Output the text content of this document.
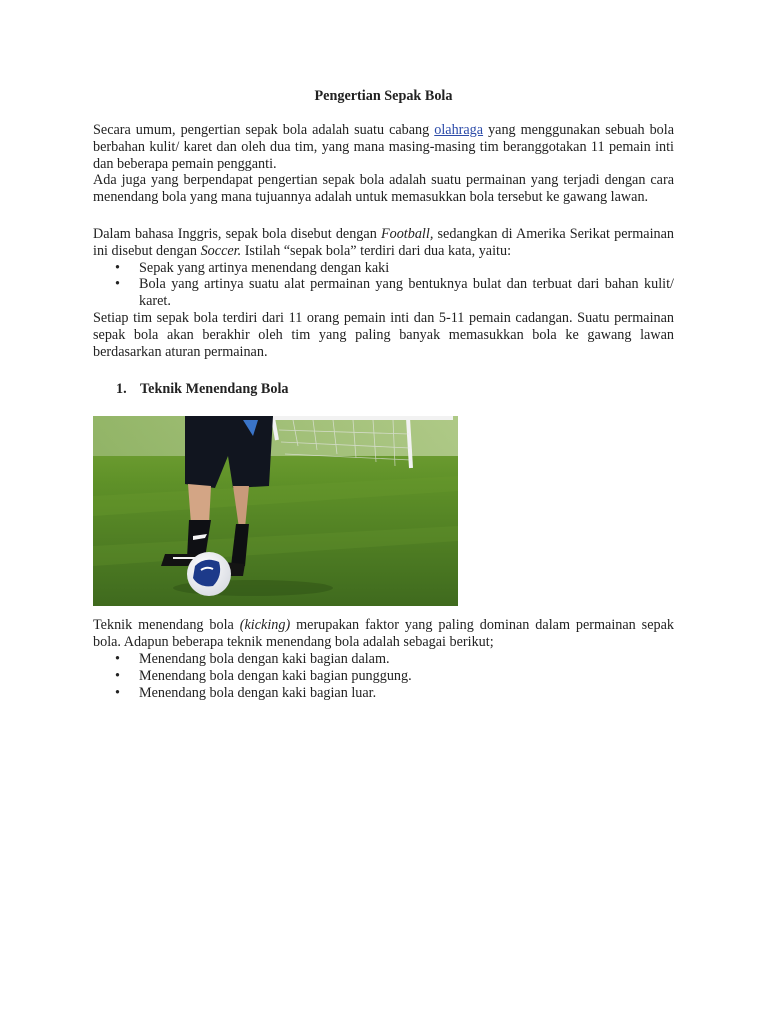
Pengertian Sepak Bola

Secara umum, pengertian sepak bola adalah suatu cabang olahraga yang menggunakan sebuah bola berbahan kulit/ karet dan oleh dua tim, yang mana masing-masing tim beranggotakan 11 pemain inti dan beberapa pemain pengganti.

Ada juga yang berpendapat pengertian sepak bola adalah suatu permainan yang terjadi dengan cara menendang bola yang mana tujuannya adalah untuk memasukkan bola tersebut ke gawang lawan.

Dalam bahasa Inggris, sepak bola disebut dengan Football, sedangkan di Amerika Serikat permainan ini disebut dengan Soccer. Istilah “sepak bola” terdiri dari dua kata, yaitu:

• Sepak yang artinya menendang dengan kaki
• Bola yang artinya suatu alat permainan yang bentuknya bulat dan terbuat dari bahan kulit/ karet.

Setiap tim sepak bola terdiri dari 11 orang pemain inti dan 5-11 pemain cadangan. Suatu permainan sepak bola akan berakhir oleh tim yang paling banyak memasukkan bola ke gawang lawan berdasarkan aturan permainan.

1. Teknik Menendang Bola

Teknik menendang bola (kicking) merupakan faktor yang paling dominan dalam permainan sepak bola. Adapun beberapa teknik menendang bola adalah sebagai berikut;

• Menendang bola dengan kaki bagian dalam.
• Menendang bola dengan kaki bagian punggung.
• Menendang bola dengan kaki bagian luar.
